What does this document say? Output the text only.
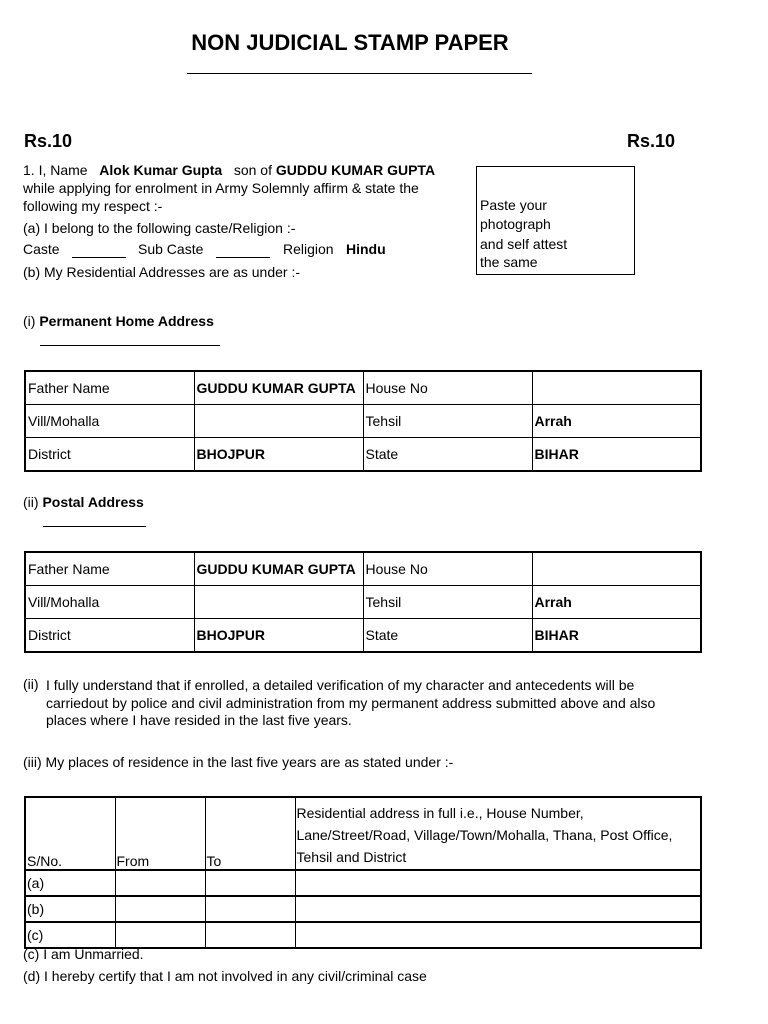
NON JUDICIAL STAMP PAPER
Rs.10	Rs.10
1. I, Name Alok Kumar Gupta son of GUDDU KUMAR GUPTA
while applying for enrolment in Army Solemnly affirm & state the
following my respect :-
(a) I belong to the following caste/Religion :-
Caste	Sub Caste	Religion Hindu
(b) My Residential Addresses are as under :-
Paste your
photograph
and self attest
the same
(i) Permanent Home Address
Father Name	GUDDU KUMAR GUPTA	House No	
Vill/Mohalla		Tehsil	Arrah
District	BHOJPUR	State	BIHAR
(ii) Postal Address
Father Name	GUDDU KUMAR GUPTA	House No	
Vill/Mohalla		Tehsil	Arrah
District	BHOJPUR	State	BIHAR
(ii) I fully understand that if enrolled, a detailed verification of my character and antecedents will be
carriedout by police and civil administration from my permanent address submitted above and also
places where I have resided in the last five years.
(iii) My places of residence in the last five years are as stated under :-
S/No.	From	To	Residential address in full i.e., House Number, Lane/Street/Road, Village/Town/Mohalla, Thana, Post Office, Tehsil and District
(a)			
(b)			
(c)			
(c) I am Unmarried.
(d) I hereby certify that I am not involved in any civil/criminal case
